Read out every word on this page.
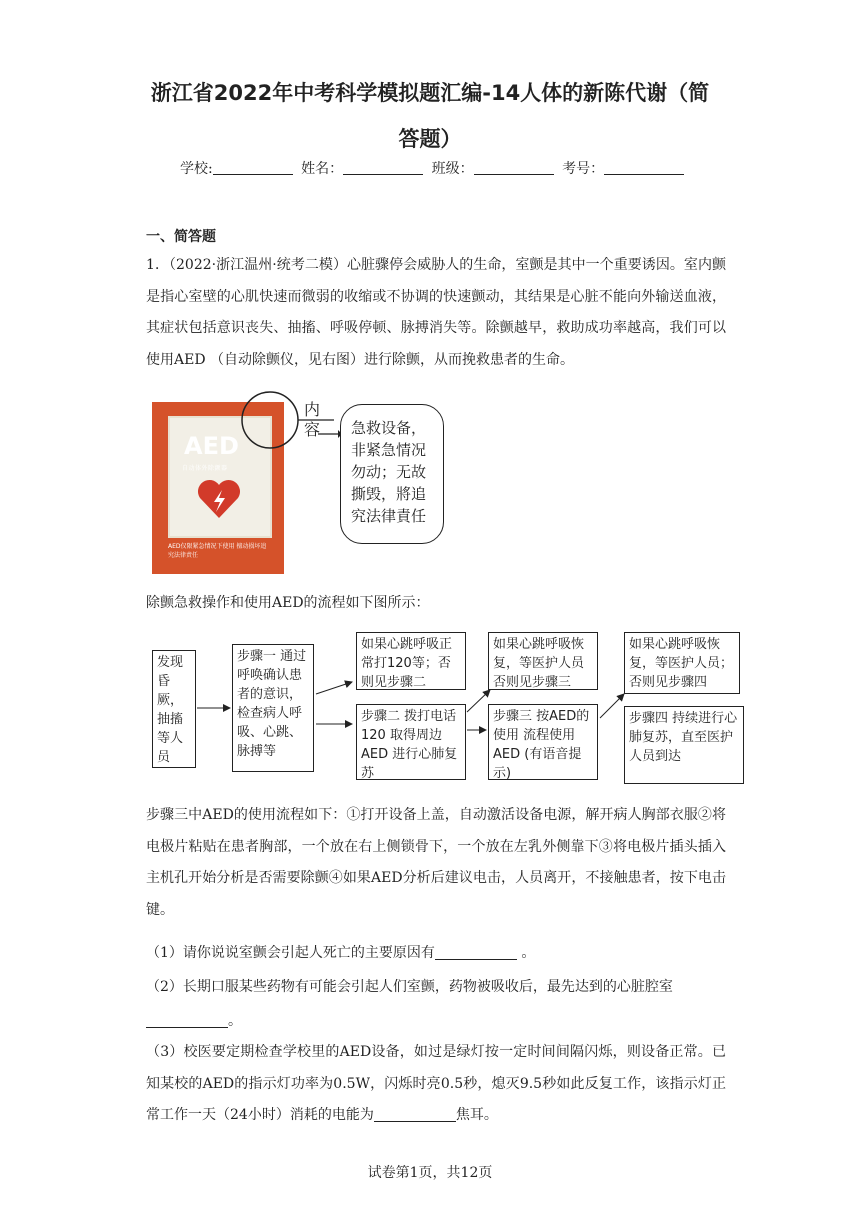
浙江省2022年中考科学模拟题汇编-14人体的新陈代谢（简
答题）
学校:	姓名：	班级：	考号：
一、简答题
1．（2022·浙江温州·统考二模）心脏骤停会威胁人的生命，室颤是其中一个重要诱因。室内颤是指心室壁的心肌快速而微弱的收缩或不协调的快速颤动，其结果是心脏不能向外输送血液，其症状包括意识丧失、抽搐、呼吸停顿、脉搏消失等。除颤越早，救助成功率越高，我们可以使用AED （自动除颤仪，见右图）进行除颤，从而挽救患者的生命。
AED
自动体外除颤器
AED仅限紧急情况下使用 擅动损坏追究法律责任
内容 急救设备，非紧急情况勿动；无故撕毁，將追究法律責任
除颤急救操作和使用AED的流程如下图所示：
发现昏厥，抽搐等人员
步骤一 通过呼唤确认患者的意识，检查病人呼吸、心跳、脉搏等
如果心跳呼吸正常打120等；否则见步骤二
步骤二 拨打电话120 取得周边AED 进行心肺复苏
如果心跳呼吸恢复，等医护人员 否则见步骤三
步骤三 按AED的使用 流程使用AED (有语音提示)
如果心跳呼吸恢复，等医护人员；否则见步骤四
步骤四 持续进行心肺复苏，直至医护人员到达
步骤三中AED的使用流程如下：①打开设备上盖，自动激活设备电源，解开病人胸部衣服②将电极片粘贴在患者胸部，一个放在右上侧锁骨下，一个放在左乳外侧靠下③将电极片插头插入主机孔开始分析是否需要除颤④如果AED分析后建议电击，人员离开，不接触患者，按下电击键。
（1）请你说说室颤会引起人死亡的主要原因有	。
（2）长期口服某些药物有可能会引起人们室颤，药物被吸收后，最先达到的心脏腔室
。
（3）校医要定期检查学校里的AED设备，如过是绿灯按一定时间间隔闪烁，则设备正常。已知某校的AED的指示灯功率为0.5W，闪烁时亮0.5秒，熄灭9.5秒如此反复工作，该指示灯正常工作一天（24小时）消耗的电能为	焦耳。
试卷第1页，共12页
